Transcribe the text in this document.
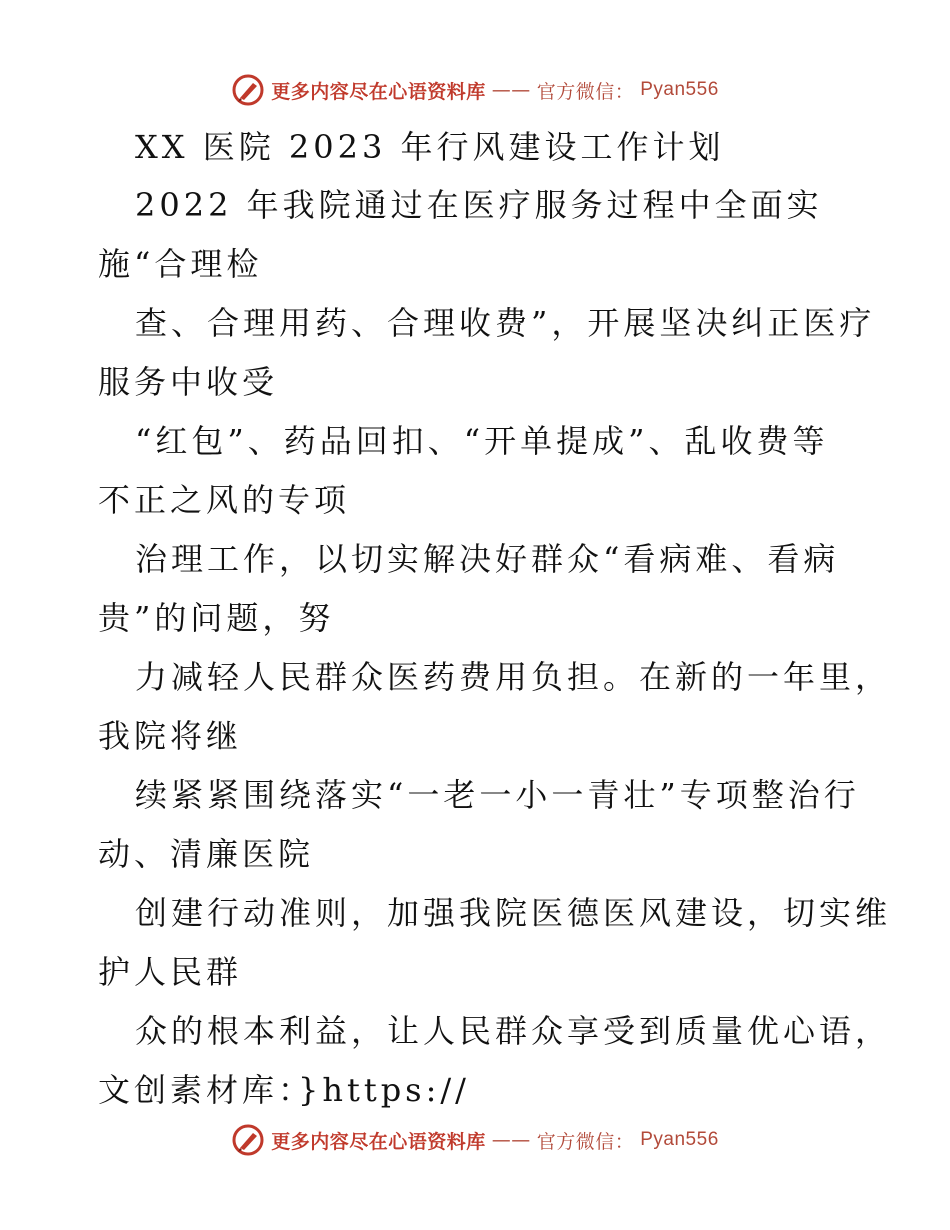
更多内容尽在心语资料库 —— 官方微信： Pyan556
XX 医院 2023 年行风建设工作计划
2022 年我院通过在医疗服务过程中全面实
施“合理检
查、合理用药、合理收费”，开展坚决纠正医疗
服务中收受
“红包”、药品回扣、“开单提成”、乱收费等
不正之风的专项
治理工作，以切实解决好群众“看病难、看病
贵”的问题，努
力减轻人民群众医药费用负担。在新的一年里，
我院将继
续紧紧围绕落实“一老一小一青壮”专项整治行
动、清廉医院
创建行动准则，加强我院医德医风建设，切实维
护人民群
众的根本利益，让人民群众享受到质量优心语，
文创素材库：}https://
更多内容尽在心语资料库 —— 官方微信： Pyan556
